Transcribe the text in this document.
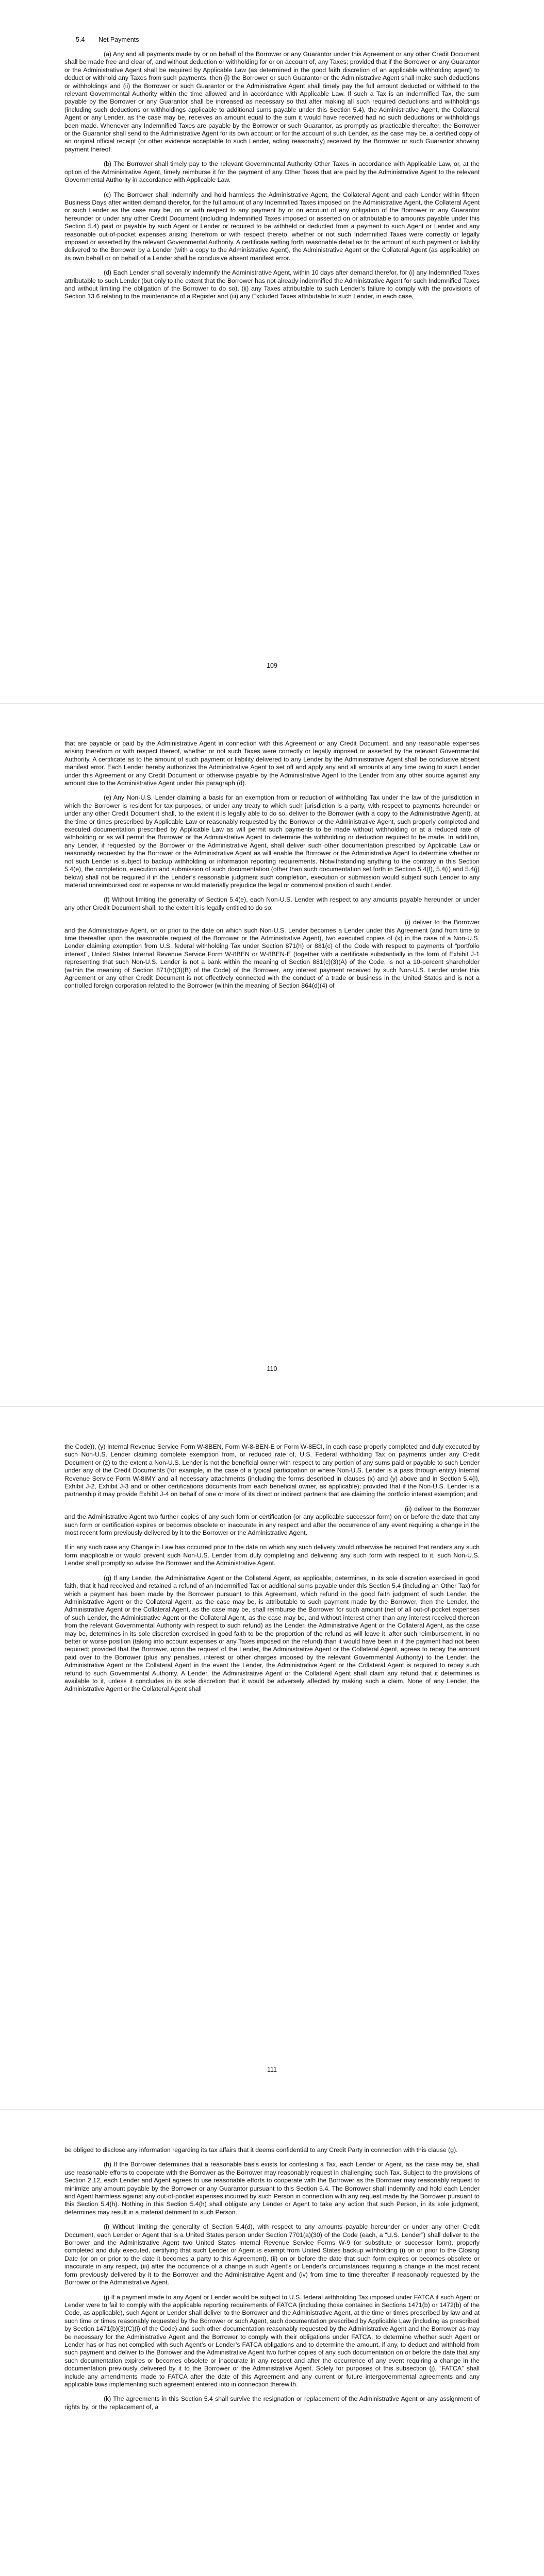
5.4 Net Payments

(a) Any and all payments made by or on behalf of the Borrower or any Guarantor under this Agreement or any other Credit Document shall be made free and clear of, and without deduction or withholding for or on account of, any Taxes; provided that if the Borrower or any Guarantor or the Administrative Agent shall be required by Applicable Law (as determined in the good faith discretion of an applicable withholding agent) to deduct or withhold any Taxes from such payments, then (i) the Borrower or such Guarantor or the Administrative Agent shall make such deductions or withholdings and (ii) the Borrower or such Guarantor or the Administrative Agent shall timely pay the full amount deducted or withheld to the relevant Governmental Authority within the time allowed and in accordance with Applicable Law. If such a Tax is an Indemnified Tax, the sum payable by the Borrower or any Guarantor shall be increased as necessary so that after making all such required deductions and withholdings (including such deductions or withholdings applicable to additional sums payable under this Section 5.4), the Administrative Agent, the Collateral Agent or any Lender, as the case may be, receives an amount equal to the sum it would have received had no such deductions or withholdings been made. Whenever any Indemnified Taxes are payable by the Borrower or such Guarantor, as promptly as practicable thereafter, the Borrower or the Guarantor shall send to the Administrative Agent for its own account or for the account of such Lender, as the case may be, a certified copy of an original official receipt (or other evidence acceptable to such Lender, acting reasonably) received by the Borrower or such Guarantor showing payment thereof.

(b) The Borrower shall timely pay to the relevant Governmental Authority Other Taxes in accordance with Applicable Law, or, at the option of the Administrative Agent, timely reimburse it for the payment of any Other Taxes that are paid by the Administrative Agent to the relevant Governmental Authority in accordance with Applicable Law.

(c) The Borrower shall indemnify and hold harmless the Administrative Agent, the Collateral Agent and each Lender within fifteen Business Days after written demand therefor, for the full amount of any Indemnified Taxes imposed on the Administrative Agent, the Collateral Agent or such Lender as the case may be, on or with respect to any payment by or on account of any obligation of the Borrower or any Guarantor hereunder or under any other Credit Document (including Indemnified Taxes imposed or asserted on or attributable to amounts payable under this Section 5.4) paid or payable by such Agent or Lender or required to be withheld or deducted from a payment to such Agent or Lender and any reasonable out-of-pocket expenses arising therefrom or with respect thereto, whether or not such Indemnified Taxes were correctly or legally imposed or asserted by the relevant Governmental Authority. A certificate setting forth reasonable detail as to the amount of such payment or liability delivered to the Borrower by a Lender (with a copy to the Administrative Agent), the Administrative Agent or the Collateral Agent (as applicable) on its own behalf or on behalf of a Lender shall be conclusive absent manifest error.

(d) Each Lender shall severally indemnify the Administrative Agent, within 10 days after demand therefor, for (i) any Indemnified Taxes attributable to such Lender (but only to the extent that the Borrower has not already indemnified the Administrative Agent for such Indemnified Taxes and without limiting the obligation of the Borrower to do so), (ii) any Taxes attributable to such Lender’s failure to comply with the provisions of Section 13.6 relating to the maintenance of a Register and (iii) any Excluded Taxes attributable to such Lender, in each case,

109

that are payable or paid by the Administrative Agent in connection with this Agreement or any Credit Document, and any reasonable expenses arising therefrom or with respect thereof, whether or not such Taxes were correctly or legally imposed or asserted by the relevant Governmental Authority. A certificate as to the amount of such payment or liability delivered to any Lender by the Administrative Agent shall be conclusive absent manifest error. Each Lender hereby authorizes the Administrative Agent to set off and apply any and all amounts at any time owing to such Lender under this Agreement or any Credit Document or otherwise payable by the Administrative Agent to the Lender from any other source against any amount due to the Administrative Agent under this paragraph (d).

(e) Any Non-U.S. Lender claiming a basis for an exemption from or reduction of withholding Tax under the law of the jurisdiction in which the Borrower is resident for tax purposes, or under any treaty to which such jurisdiction is a party, with respect to payments hereunder or under any other Credit Document shall, to the extent it is legally able to do so, deliver to the Borrower (with a copy to the Administrative Agent), at the time or times prescribed by Applicable Law or reasonably requested by the Borrower or the Administrative Agent, such properly completed and executed documentation prescribed by Applicable Law as will permit such payments to be made without withholding or at a reduced rate of withholding or as will permit the Borrower or the Administrative Agent to determine the withholding or deduction required to be made. In addition, any Lender, if requested by the Borrower or the Administrative Agent, shall deliver such other documentation prescribed by Applicable Law or reasonably requested by the Borrower or the Administrative Agent as will enable the Borrower or the Administrative Agent to determine whether or not such Lender is subject to backup withholding or information reporting requirements. Notwithstanding anything to the contrary in this Section 5.4(e), the completion, execution and submission of such documentation (other than such documentation set forth in Section 5.4(f), 5.4(i) and 5.4(j) below) shall not be required if in the Lender’s reasonable judgment such completion, execution or submission would subject such Lender to any material unreimbursed cost or expense or would materially prejudice the legal or commercial position of such Lender.

(f) Without limiting the generality of Section 5.4(e), each Non-U.S. Lender with respect to any amounts payable hereunder or under any other Credit Document shall, to the extent it is legally entitled to do so:

(i) deliver to the Borrower and the Administrative Agent, on or prior to the date on which such Non-U.S. Lender becomes a Lender under this Agreement (and from time to time thereafter upon the reasonable request of the Borrower or the Administrative Agent), two executed copies of (x) in the case of a Non-U.S. Lender claiming exemption from U.S. federal withholding Tax under Section 871(h) or 881(c) of the Code with respect to payments of “portfolio interest”, United States Internal Revenue Service Form W-8BEN or W-8BEN-E (together with a certificate substantially in the form of Exhibit J-1 representing that such Non-U.S. Lender is not a bank within the meaning of Section 881(c)(3)(A) of the Code, is not a 10-percent shareholder (within the meaning of Section 871(h)(3)(B) of the Code) of the Borrower, any interest payment received by such Non-U.S. Lender under this Agreement or any other Credit Document is not effectively connected with the conduct of a trade or business in the United States and is not a controlled foreign corporation related to the Borrower (within the meaning of Section 864(d)(4) of

110

the Code)), (y) Internal Revenue Service Form W-8BEN, Form W-8-BEN-E or Form W-8ECI, in each case properly completed and duly executed by such Non-U.S. Lender claiming complete exemption from, or reduced rate of, U.S. Federal withholding Tax on payments under any Credit Document or (z) to the extent a Non-U.S. Lender is not the beneficial owner with respect to any portion of any sums paid or payable to such Lender under any of the Credit Documents (for example, in the case of a typical participation or where Non-U.S. Lender is a pass through entity) Internal Revenue Service Form W-8IMY and all necessary attachments (including the forms described in clauses (x) and (y) above and in Section 5.4(i), Exhibit J-2, Exhibit J-3 and or other certifications documents from each beneficial owner, as applicable); provided that if the Non-U.S. Lender is a partnership it may provide Exhibit J-4 on behalf of one or more of its direct or indirect partners that are claiming the portfolio interest exemption; and

(ii) deliver to the Borrower and the Administrative Agent two further copies of any such form or certification (or any applicable successor form) on or before the date that any such form or certification expires or becomes obsolete or inaccurate in any respect and after the occurrence of any event requiring a change in the most recent form previously delivered by it to the Borrower or the Administrative Agent.

If in any such case any Change in Law has occurred prior to the date on which any such delivery would otherwise be required that renders any such form inapplicable or would prevent such Non-U.S. Lender from duly completing and delivering any such form with respect to it, such Non-U.S. Lender shall promptly so advise the Borrower and the Administrative Agent.

(g) If any Lender, the Administrative Agent or the Collateral Agent, as applicable, determines, in its sole discretion exercised in good faith, that it had received and retained a refund of an Indemnified Tax or additional sums payable under this Section 5.4 (including an Other Tax) for which a payment has been made by the Borrower pursuant to this Agreement, which refund in the good faith judgment of such Lender, the Administrative Agent or the Collateral Agent, as the case may be, is attributable to such payment made by the Borrower, then the Lender, the Administrative Agent or the Collateral Agent, as the case may be, shall reimburse the Borrower for such amount (net of all out-of-pocket expenses of such Lender, the Administrative Agent or the Collateral Agent, as the case may be, and without interest other than any interest received thereon from the relevant Governmental Authority with respect to such refund) as the Lender, the Administrative Agent or the Collateral Agent, as the case may be, determines in its sole discretion exercised in good faith to be the proportion of the refund as will leave it, after such reimbursement, in no better or worse position (taking into account expenses or any Taxes imposed on the refund) than it would have been in if the payment had not been required; provided that the Borrower, upon the request of the Lender, the Administrative Agent or the Collateral Agent, agrees to repay the amount paid over to the Borrower (plus any penalties, interest or other charges imposed by the relevant Governmental Authority) to the Lender, the Administrative Agent or the Collateral Agent in the event the Lender, the Administrative Agent or the Collateral Agent is required to repay such refund to such Governmental Authority. A Lender, the Administrative Agent or the Collateral Agent shall claim any refund that it determines is available to it, unless it concludes in its sole discretion that it would be adversely affected by making such a claim. None of any Lender, the Administrative Agent or the Collateral Agent shall

111

be obliged to disclose any information regarding its tax affairs that it deems confidential to any Credit Party in connection with this clause (g).

(h) If the Borrower determines that a reasonable basis exists for contesting a Tax, each Lender or Agent, as the case may be, shall use reasonable efforts to cooperate with the Borrower as the Borrower may reasonably request in challenging such Tax. Subject to the provisions of Section 2.12, each Lender and Agent agrees to use reasonable efforts to cooperate with the Borrower as the Borrower may reasonably request to minimize any amount payable by the Borrower or any Guarantor pursuant to this Section 5.4. The Borrower shall indemnify and hold each Lender and Agent harmless against any out-of-pocket expenses incurred by such Person in connection with any request made by the Borrower pursuant to this Section 5.4(h). Nothing in this Section 5.4(h) shall obligate any Lender or Agent to take any action that such Person, in its sole judgment, determines may result in a material detriment to such Person.

(i) Without limiting the generality of Section 5.4(d), with respect to any amounts payable hereunder or under any other Credit Document, each Lender or Agent that is a United States person under Section 7701(a)(30) of the Code (each, a “U.S. Lender”) shall deliver to the Borrower and the Administrative Agent two United States Internal Revenue Service Forms W-9 (or substitute or successor form), properly completed and duly executed, certifying that such Lender or Agent is exempt from United States backup withholding (i) on or prior to the Closing Date (or on or prior to the date it becomes a party to this Agreement), (ii) on or before the date that such form expires or becomes obsolete or inaccurate in any respect, (iii) after the occurrence of a change in such Agent’s or Lender’s circumstances requiring a change in the most recent form previously delivered by it to the Borrower and the Administrative Agent and (iv) from time to time thereafter if reasonably requested by the Borrower or the Administrative Agent.

(j) If a payment made to any Agent or Lender would be subject to U.S. federal withholding Tax imposed under FATCA if such Agent or Lender were to fail to comply with the applicable reporting requirements of FATCA (including those contained in Sections 1471(b) or 1472(b) of the Code, as applicable), such Agent or Lender shall deliver to the Borrower and the Administrative Agent, at the time or times prescribed by law and at such time or times reasonably requested by the Borrower or such Agent, such documentation prescribed by Applicable Law (including as prescribed by Section 1471(b)(3)(C)(i) of the Code) and such other documentation reasonably requested by the Administrative Agent and the Borrower as may be necessary for the Administrative Agent and the Borrower to comply with their obligations under FATCA, to determine whether such Agent or Lender has or has not complied with such Agent’s or Lender’s FATCA obligations and to determine the amount, if any, to deduct and withhold from such payment and deliver to the Borrower and the Administrative Agent two further copies of any such documentation on or before the date that any such documentation expires or becomes obsolete or inaccurate in any respect and after the occurrence of any event requiring a change in the documentation previously delivered by it to the Borrower or the Administrative Agent. Solely for purposes of this subsection (j), “FATCA” shall include any amendments made to FATCA after the date of this Agreement and any current or future intergovernmental agreements and any applicable laws implementing such agreement entered into in connection therewith.

(k) The agreements in this Section 5.4 shall survive the resignation or replacement of the Administrative Agent or any assignment of rights by, or the replacement of, a
